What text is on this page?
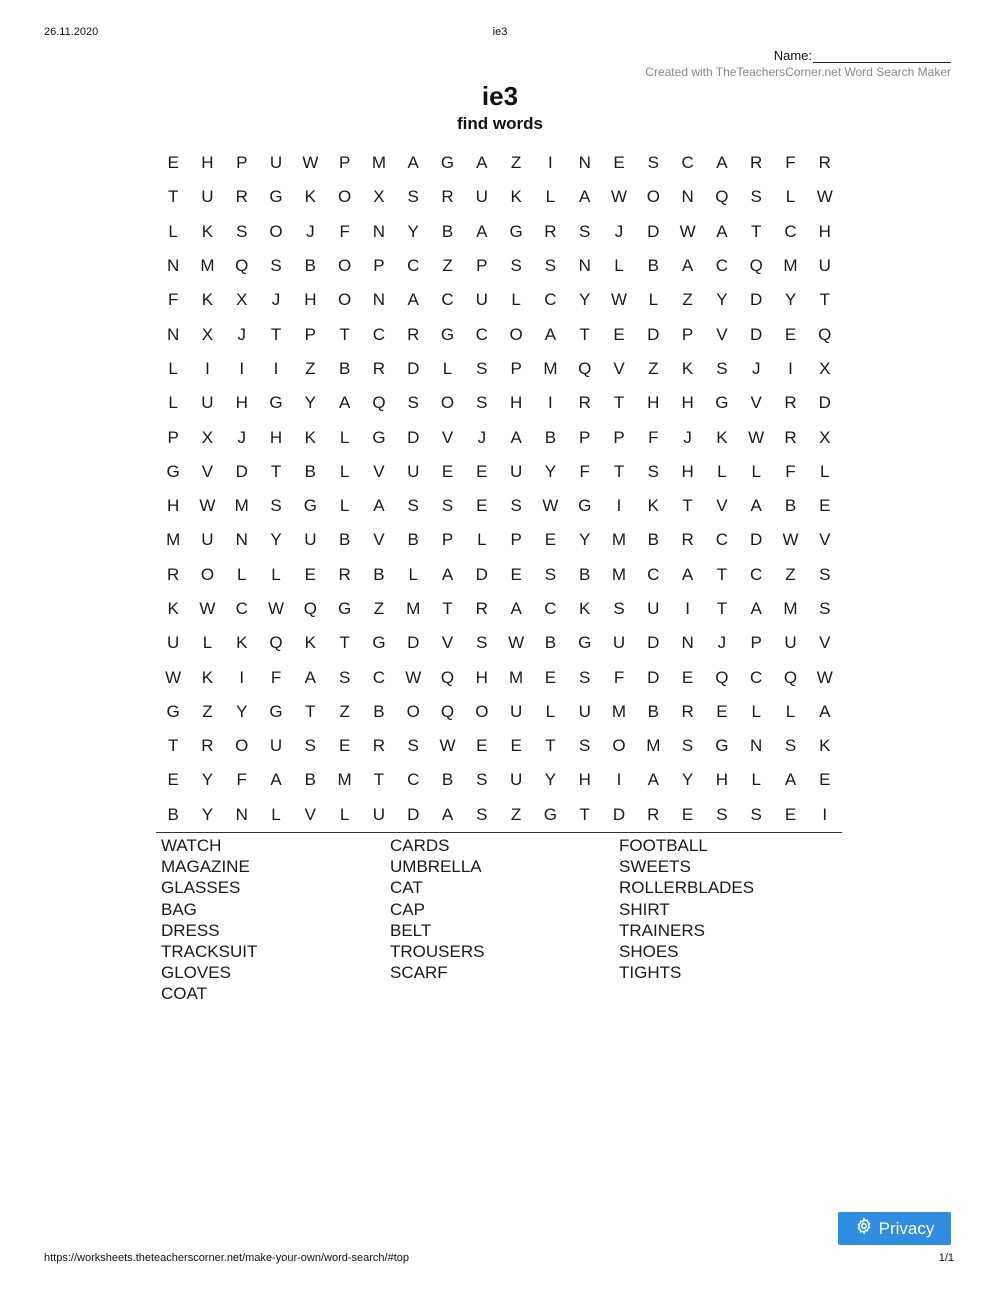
26.11.2020	ie3
Name:
Created with TheTeachersCorner.net Word Search Maker
ie3
find words
E	H	P	U	W	P	M	A	G	A	Z	I	N	E	S	C	A	R	F	R
T	U	R	G	K	O	X	S	R	U	K	L	A	W	O	N	Q	S	L	W
L	K	S	O	J	F	N	Y	B	A	G	R	S	J	D	W	A	T	C	H
N	M	Q	S	B	O	P	C	Z	P	S	S	N	L	B	A	C	Q	M	U
F	K	X	J	H	O	N	A	C	U	L	C	Y	W	L	Z	Y	D	Y	T
N	X	J	T	P	T	C	R	G	C	O	A	T	E	D	P	V	D	E	Q
L	I	I	I	Z	B	R	D	L	S	P	M	Q	V	Z	K	S	J	I	X
L	U	H	G	Y	A	Q	S	O	S	H	I	R	T	H	H	G	V	R	D
P	X	J	H	K	L	G	D	V	J	A	B	P	P	F	J	K	W	R	X
G	V	D	T	B	L	V	U	E	E	U	Y	F	T	S	H	L	L	F	L
H	W	M	S	G	L	A	S	S	E	S	W	G	I	K	T	V	A	B	E
M	U	N	Y	U	B	V	B	P	L	P	E	Y	M	B	R	C	D	W	V
R	O	L	L	E	R	B	L	A	D	E	S	B	M	C	A	T	C	Z	S
K	W	C	W	Q	G	Z	M	T	R	A	C	K	S	U	I	T	A	M	S
U	L	K	Q	K	T	G	D	V	S	W	B	G	U	D	N	J	P	U	V
W	K	I	F	A	S	C	W	Q	H	M	E	S	F	D	E	Q	C	Q	W
G	Z	Y	G	T	Z	B	O	Q	O	U	L	U	M	B	R	E	L	L	A
T	R	O	U	S	E	R	S	W	E	E	T	S	O	M	S	G	N	S	K
E	Y	F	A	B	M	T	C	B	S	U	Y	H	I	A	Y	H	L	A	E
B	Y	N	L	V	L	U	D	A	S	Z	G	T	D	R	E	S	S	E	I
WATCH	CARDS	FOOTBALL
MAGAZINE	UMBRELLA	SWEETS
GLASSES	CAT	ROLLERBLADES
BAG	CAP	SHIRT
DRESS	BELT	TRAINERS
TRACKSUIT	TROUSERS	SHOES
GLOVES	SCARF	TIGHTS
COAT
Privacy
https://worksheets.theteacherscorner.net/make-your-own/word-search/#top	1/1
